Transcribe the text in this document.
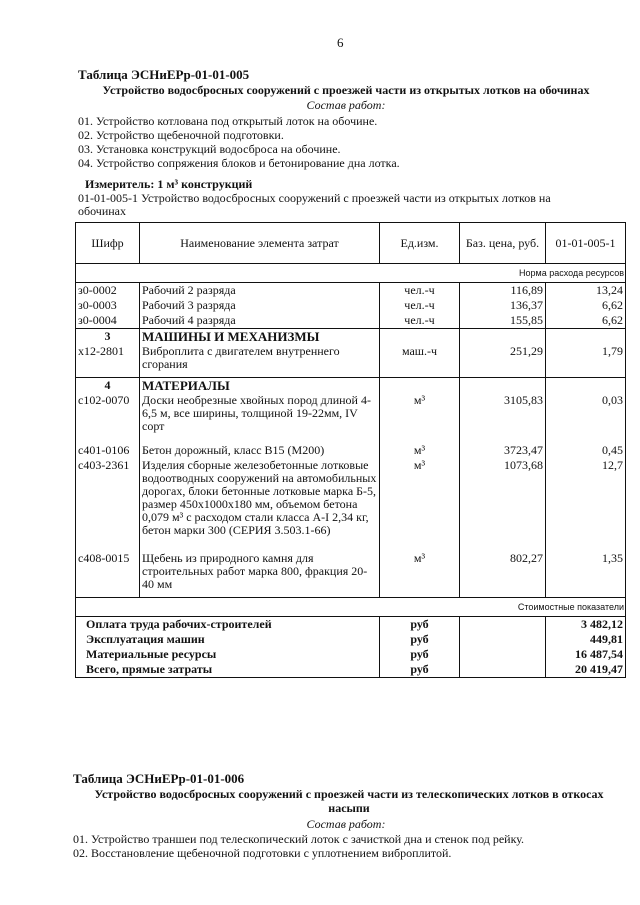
6
Таблица ЭСНиЕРр-01-01-005
Устройство водосбросных сооружений с проезжей части из открытых лотков на обочинах
Состав работ:
01. Устройство котлована под открытый лоток на обочине.
02. Устройство щебеночной подготовки.
03. Установка конструкций водосброса на обочине.
04. Устройство сопряжения блоков и бетонирование дна лотка.
Измеритель: 1 м³ конструкций
01-01-005-1 Устройство водосбросных сооружений с проезжей части из открытых лотков на обочинах
Шифр	Наименование элемента затрат	Ед.изм.	Баз. цена, руб.	01-01-005-1
Норма расхода ресурсов				
з0-0002	Рабочий 2 разряда	чел.-ч	116,89	13,24
з0-0003	Рабочий 3 разряда	чел.-ч	136,37	6,62
з0-0004	Рабочий 4 разряда	чел.-ч	155,85	6,62
3	МАШИНЫ И МЕХАНИЗМЫ			
х12-2801	Виброплита с двигателем внутреннего сгорания	маш.-ч	251,29	1,79
4	МАТЕРИАЛЫ			
с102-0070	Доски необрезные хвойных пород длиной 4-6,5 м, все ширины, толщиной 19-22мм, IV сорт	м³	3105,83	0,03
с401-0106	Бетон дорожный, класс В15 (М200)	м³	3723,47	0,45
с403-2361	Изделия сборные железобетонные лотковые водоотводных сооружений на автомобильных дорогах, блоки бетонные лотковые марка Б-5, размер 450х1000х180 мм, объемом бетона 0,079 м³ с расходом стали класса А-I 2,34 кг, бетон марки 300 (СЕРИЯ 3.503.1-66)	м³	1073,68	12,7
с408-0015	Щебень из природного камня для строительных работ марка 800, фракция 20-40 мм	м³	802,27	1,35
Стоимостные показатели				
Оплата труда рабочих-строителей		руб		3 482,12
Эксплуатация машин		руб		449,81
Материальные ресурсы		руб		16 487,54
Всего, прямые затраты		руб		20 419,47
Таблица ЭСНиЕРр-01-01-006
Устройство водосбросных сооружений с проезжей части из телескопических лотков в откосах насыпи
Состав работ:
01. Устройство траншеи под телескопический лоток с зачисткой дна и стенок под рейку.
02. Восстановление щебеночной подготовки с уплотнением виброплитой.
